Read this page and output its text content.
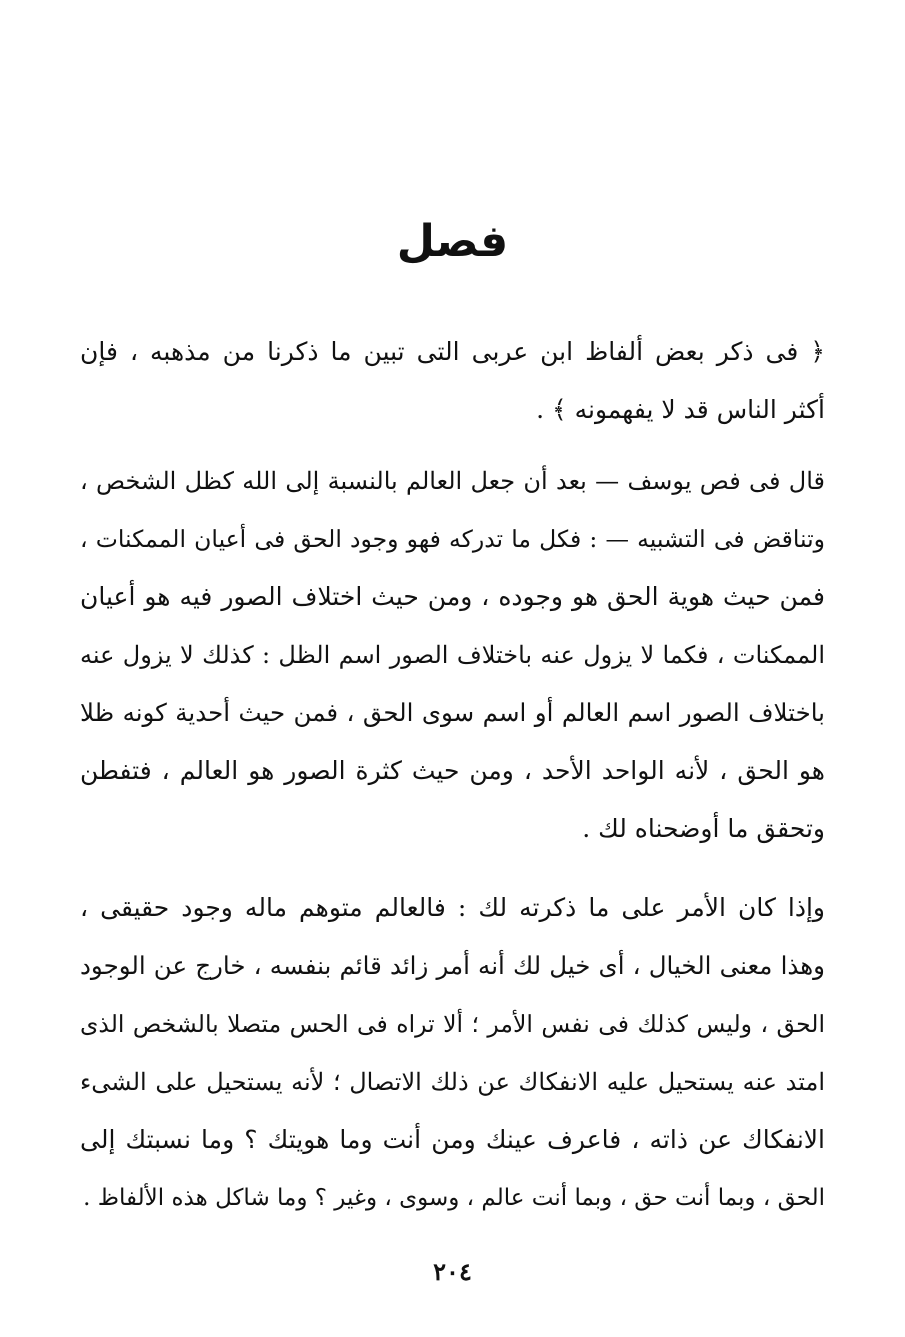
فصل
﴿ فى ذكر بعض ألفاظ ابن عربى التى تبين ما ذكرنا من مذهبه ، فإن
أكثر الناس قد لا يفهمونه ﴾ .
قال فى فص يوسف — بعد أن جعل العالم بالنسبة إلى الله كظل الشخص ،
وتناقض فى التشبيه — : فكل ما تدركه فهو وجود الحق فى أعيان الممكنات ،
فمن حيث هوية الحق هو وجوده ، ومن حيث اختلاف الصور فيه هو أعيان
الممكنات ، فكما لا يزول عنه باختلاف الصور اسم الظل : كذلك لا يزول عنه
باختلاف الصور اسم العالم أو اسم سوى الحق ، فمن حيث أحدية كونه ظلا
هو الحق ، لأنه الواحد الأحد ، ومن حيث كثرة الصور هو العالم ، فتفطن
وتحقق ما أوضحناه لك .
وإذا كان الأمر على ما ذكرته لك : فالعالم متوهم ماله وجود حقيقى ،
وهذا معنى الخيال ، أى خيل لك أنه أمر زائد قائم بنفسه ، خارج عن الوجود
الحق ، وليس كذلك فى نفس الأمر ؛ ألا تراه فى الحس متصلا بالشخص الذى
امتد عنه يستحيل عليه الانفكاك عن ذلك الاتصال ؛ لأنه يستحيل على الشىء
الانفكاك عن ذاته ، فاعرف عينك ومن أنت وما هويتك ؟ وما نسبتك إلى
الحق ، وبما أنت حق ، وبما أنت عالم ، وسوى ، وغير ؟ وما شاكل هذه الألفاظ .
٢٠٤
